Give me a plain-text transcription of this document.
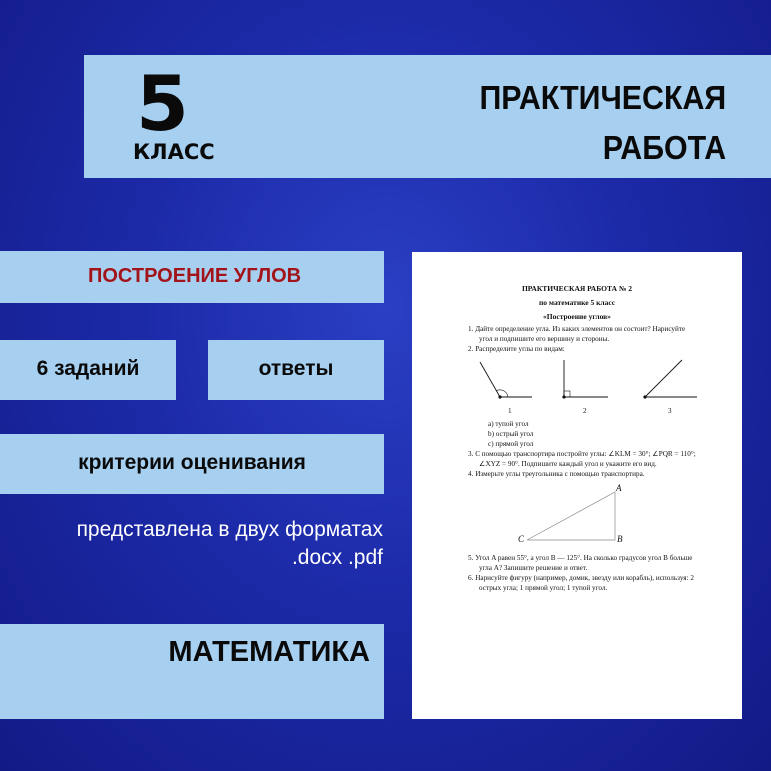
5
КЛАСС
ПРАКТИЧЕСКАЯ
РАБОТА
ПОСТРОЕНИЕ УГЛОВ
6 заданий	ответы
критерии оценивания
представлена в двух форматах
.docx .pdf
МАТЕМАТИКА
ПРАКТИЧЕСКАЯ РАБОТА № 2
по математике 5 класс
«Построение углов»
1. Дайте определение угла. Из каких элементов он состоит? Нарисуйте
угол и подпишите его вершину и стороны.
2. Распределите углы по видам:
1	2	3
a) тупой угол
b) острый угол
c) прямой угол
3. С помощью транспортира постройте углы: ∠KLM = 30°; ∠PQR = 110°;
∠XYZ = 90°. Подпишите каждый угол и укажите его вид.
4. Измерьте углы треугольника с помощью транспортира.
A
C	B
5. Угол A равен 55°, а угол B — 125°. На сколько градусов угол B больше
угла A? Запишите решение и ответ.
6. Нарисуйте фигуру (например, домик, звезду или корабль), используя: 2
острых угла; 1 прямой угол; 1 тупой угол.
